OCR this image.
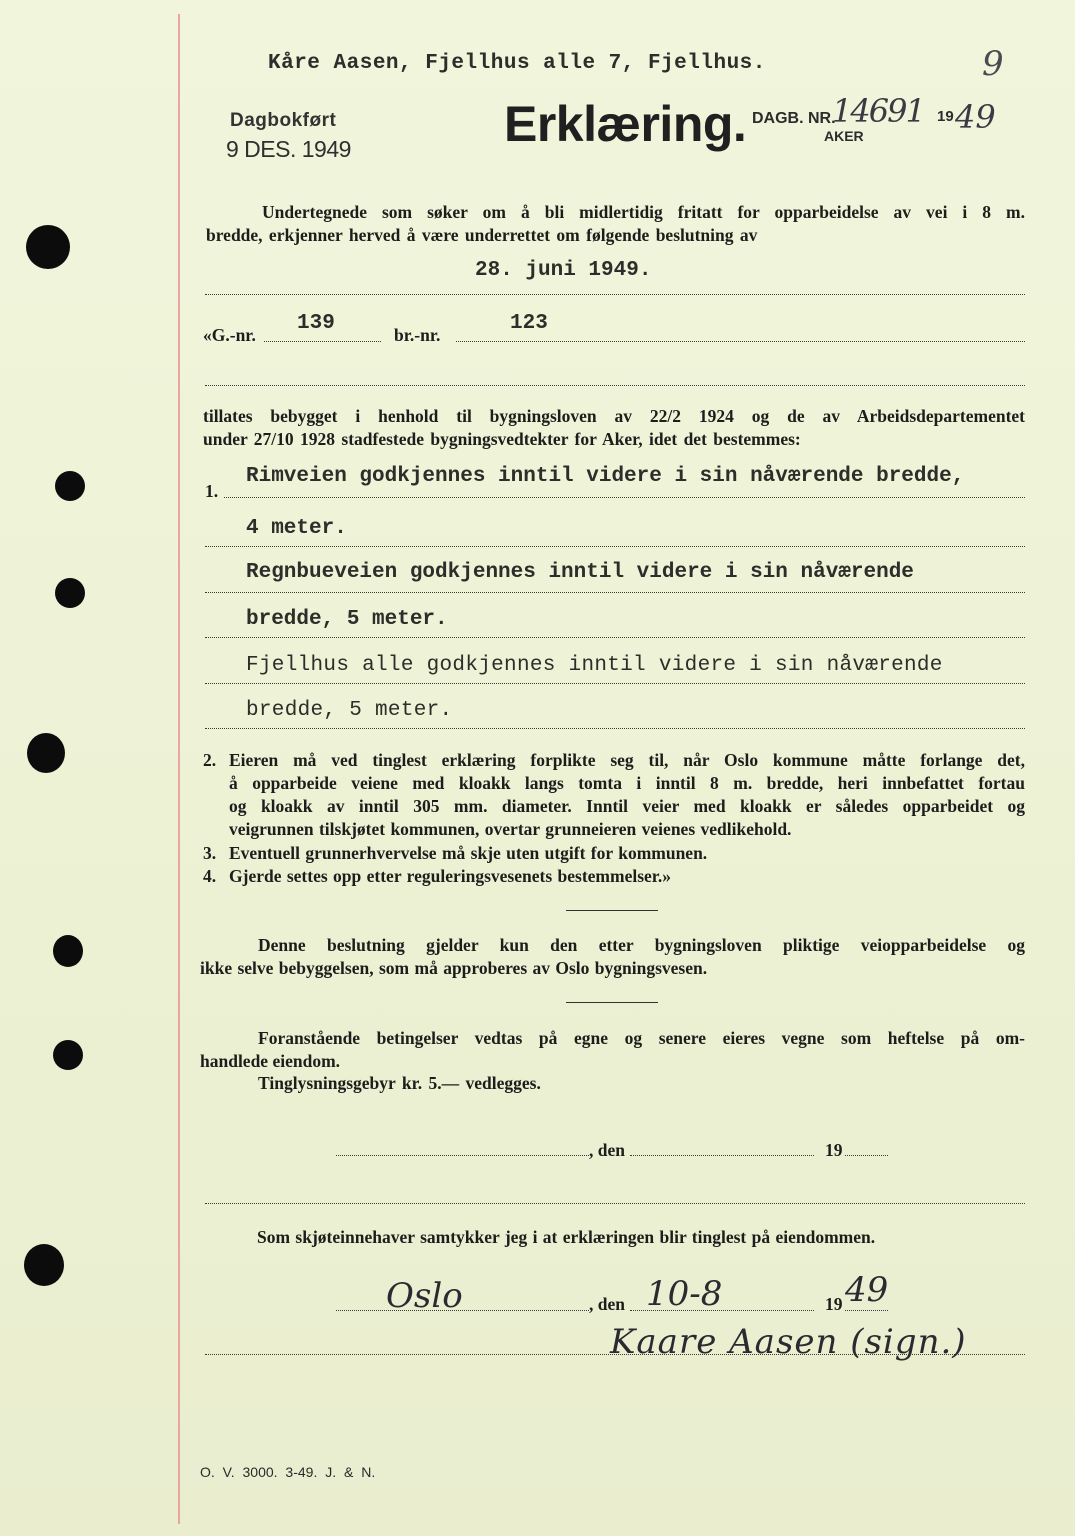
Kåre Aasen, Fjellhus alle 7, Fjellhus.	9
Dagbokført
9 DES. 1949	Erklæring. DAGB. NR.
AKER
14691 19 49
Undertegnede som søker om å bli midlertidig fritatt for opparbeidelse av vei i 8 m.
bredde, erkjenner herved å være underrettet om følgende beslutning av
28. juni 1949.
«G.-nr. 139	br.-nr.	123
tillates bebygget i henhold til bygningsloven av 22/2 1924 og de av Arbeidsdepartementet
under 27/10 1928 stadfestede bygningsvedtekter for Aker, idet det bestemmes:
1.
Rimveien godkjennes inntil videre i sin nåværende bredde,
4 meter.
Regnbueveien godkjennes inntil videre i sin nåværende
bredde, 5 meter.
Fjellhus alle godkjennes inntil videre i sin nåværende
bredde, 5 meter.
2. Eieren må ved tinglest erklæring forplikte seg til, når Oslo kommune måtte forlange det,
å opparbeide veiene med kloakk langs tomta i inntil 8 m. bredde, heri innbefattet fortau
og kloakk av inntil 305 mm. diameter. Inntil veier med kloakk er således opparbeidet og
veigrunnen tilskjøtet kommunen, overtar grunneieren veienes vedlikehold.
3. Eventuell grunnerhvervelse må skje uten utgift for kommunen.
4. Gjerde settes opp etter reguleringsvesenets bestemmelser.»
Denne beslutning gjelder kun den etter bygningsloven pliktige veiopparbeidelse og
ikke selve bebyggelsen, som må approberes av Oslo bygningsvesen.
Foranstående betingelser vedtas på egne og senere eieres vegne som heftelse på om-
handlede eiendom.
Tinglysningsgebyr kr. 5.— vedlegges.
, den	19
Som skjøteinnehaver samtykker jeg i at erklæringen blir tinglest på eiendommen.
Oslo	, den 10-8	19 49
Kaare Aasen (sign.)
O. V. 3000. 3-49. J. & N.
